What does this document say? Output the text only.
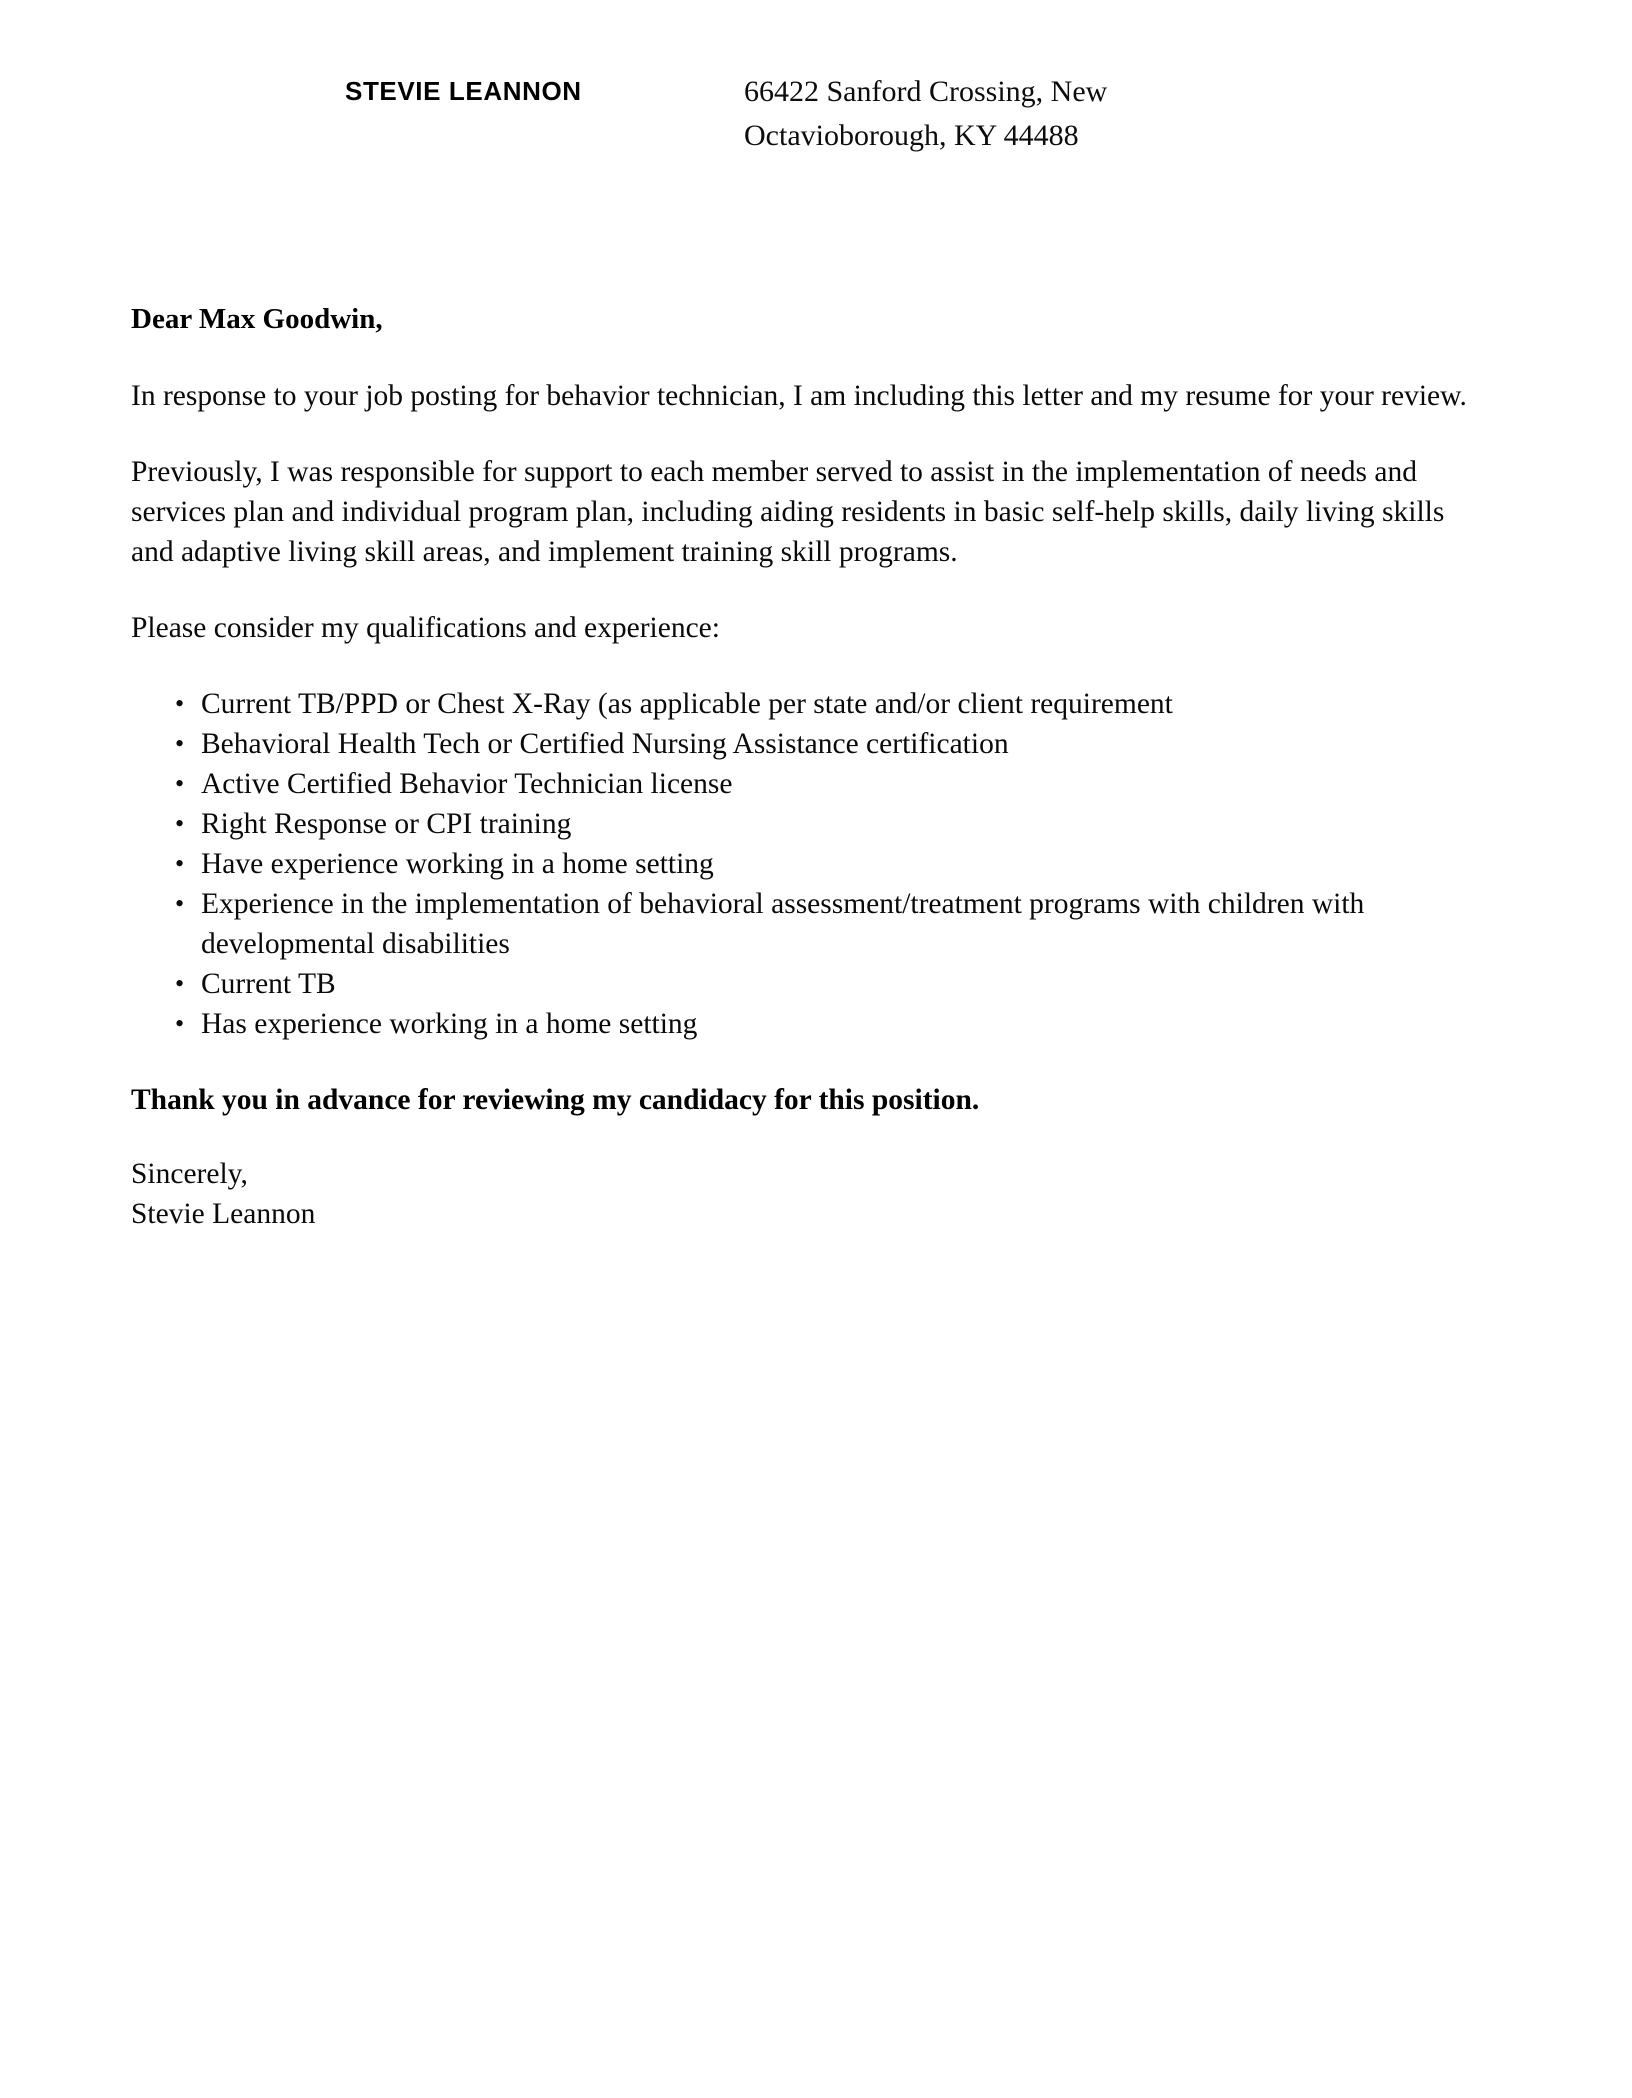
STEVIE LEANNON	66422 Sanford Crossing, New Octavioborough, KY 44488
Dear Max Goodwin,

In response to your job posting for behavior technician, I am including this letter and my resume for your review.

Previously, I was responsible for support to each member served to assist in the implementation of needs and services plan and individual program plan, including aiding residents in basic self-help skills, daily living skills and adaptive living skill areas, and implement training skill programs.

Please consider my qualifications and experience:

• Current TB/PPD or Chest X-Ray (as applicable per state and/or client requirement
• Behavioral Health Tech or Certified Nursing Assistance certification
• Active Certified Behavior Technician license
• Right Response or CPI training
• Have experience working in a home setting
• Experience in the implementation of behavioral assessment/treatment programs with children with developmental disabilities
• Current TB
• Has experience working in a home setting
Thank you in advance for reviewing my candidacy for this position.
Sincerely,
Stevie Leannon
